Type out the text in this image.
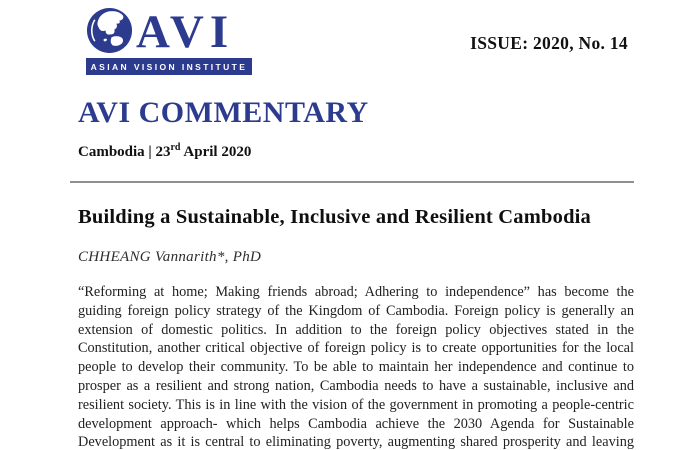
AVI
ASIAN VISION INSTITUTE
ISSUE: 2020, No. 14
AVI COMMENTARY
Cambodia | 23rd April 2020
Building a Sustainable, Inclusive and Resilient Cambodia
CHHEANG Vannarith*, PhD
“Reforming at home; Making friends abroad; Adhering to independence” has become the
guiding foreign policy strategy of the Kingdom of Cambodia. Foreign policy is generally an
extension of domestic politics. In addition to the foreign policy objectives stated in the
Constitution, another critical objective of foreign policy is to create opportunities for the local
people to develop their community. To be able to maintain her independence and continue to
prosper as a resilient and strong nation, Cambodia needs to have a sustainable, inclusive and
resilient society. This is in line with the vision of the government in promoting a people-centric
development approach- which helps Cambodia achieve the 2030 Agenda for Sustainable
Development as it is central to eliminating poverty, augmenting shared prosperity and leaving
